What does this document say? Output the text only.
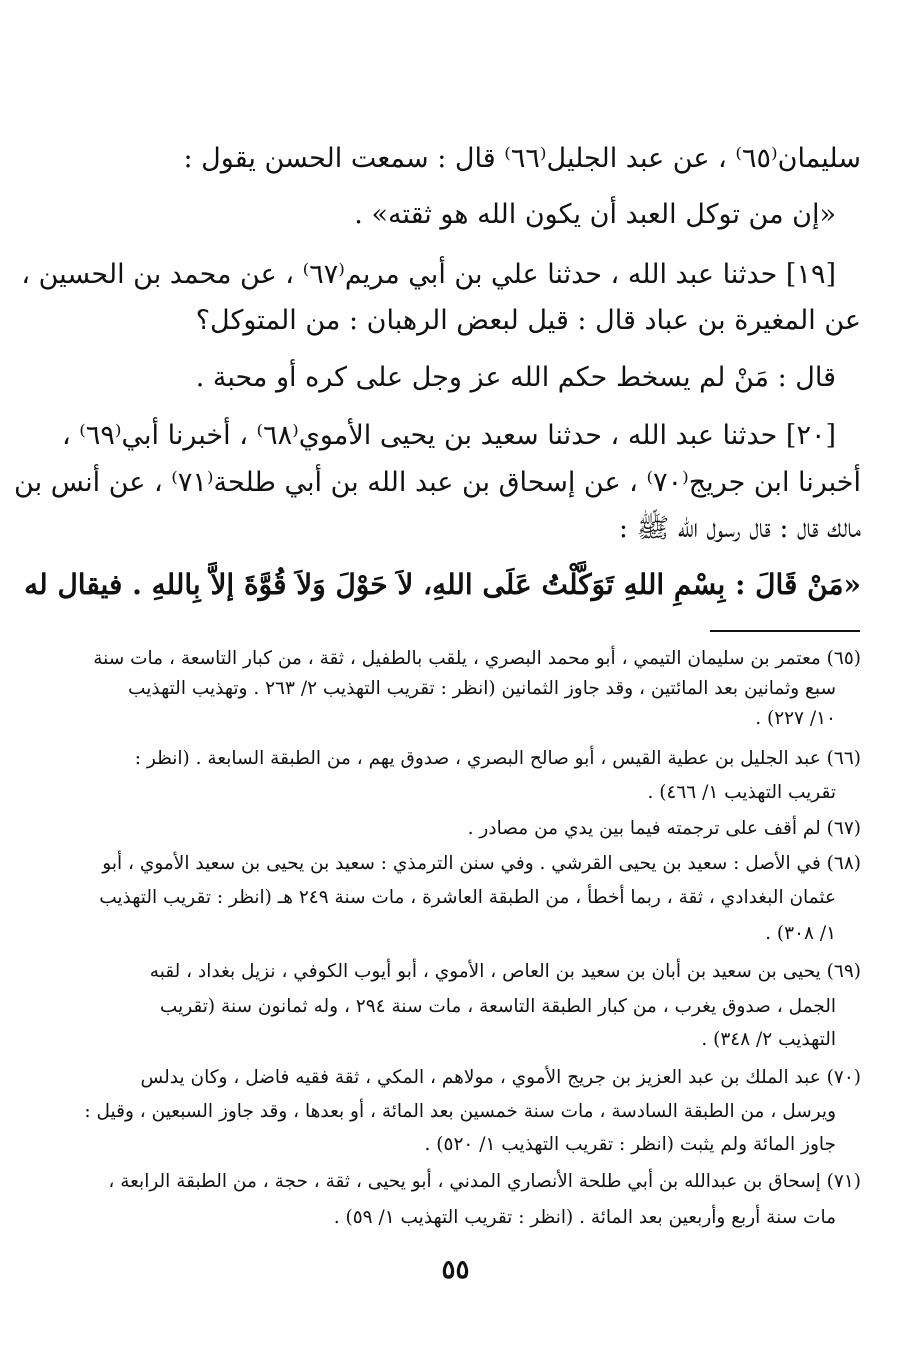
سليمان⁽٦٥⁾ ، عن عبد الجليل⁽٦٦⁾ قال : سمعت الحسن يقول :
«إن من توكل العبد أن يكون الله هو ثقته» .
[١٩] حدثنا عبد الله ، حدثنا علي بن أبي مريم⁽٦٧⁾ ، عن محمد بن الحسين ،
عن المغيرة بن عباد قال : قيل لبعض الرهبان : من المتوكل؟
قال : مَنْ لم يسخط حكم الله عز وجل على كره أو محبة .
[٢٠] حدثنا عبد الله ، حدثنا سعيد بن يحيى الأموي⁽٦٨⁾ ، أخبرنا أبي⁽٦٩⁾ ،
أخبرنا ابن جريج⁽٧٠⁾ ، عن إسحاق بن عبد الله بن أبي طلحة⁽٧١⁾ ، عن أنس بن
مالك قال : قال رسول الله ﷺ :
«مَنْ قَالَ : بِسْمِ اللهِ تَوَكَّلْتُ عَلَى اللهِ، لاَ حَوْلَ وَلاَ قُوَّةَ إلاَّ بِاللهِ . فيقال له
(٦٥) معتمر بن سليمان التيمي ، أبو محمد البصري ، يلقب بالطفيل ، ثقة ، من كبار التاسعة ، مات سنة
سبع وثمانين بعد المائتين ، وقد جاوز الثمانين (انظر : تقريب التهذيب ٢/ ٢٦٣ . وتهذيب التهذيب
١٠/ ٢٢٧) .
(٦٦) عبد الجليل بن عطية القيس ، أبو صالح البصري ، صدوق يهم ، من الطبقة السابعة . (انظر :
تقريب التهذيب ١/ ٤٦٦) .
(٦٧) لم أقف على ترجمته فيما بين يدي من مصادر .
(٦٨) في الأصل : سعيد بن يحيى القرشي . وفي سنن الترمذي : سعيد بن يحيى بن سعيد الأموي ، أبو
عثمان البغدادي ، ثقة ، ربما أخطأ ، من الطبقة العاشرة ، مات سنة ٢٤٩ هـ (انظر : تقريب التهذيب
١/ ٣٠٨) .
(٦٩) يحيى بن سعيد بن أبان بن سعيد بن العاص ، الأموي ، أبو أيوب الكوفي ، نزيل بغداد ، لقبه
الجمل ، صدوق يغرب ، من كبار الطبقة التاسعة ، مات سنة ٢٩٤ ، وله ثمانون سنة (تقريب
التهذيب ٢/ ٣٤٨) .
(٧٠) عبد الملك بن عبد العزيز بن جريج الأموي ، مولاهم ، المكي ، ثقة فقيه فاضل ، وكان يدلس
ويرسل ، من الطبقة السادسة ، مات سنة خمسين بعد المائة ، أو بعدها ، وقد جاوز السبعين ، وقيل :
جاوز المائة ولم يثبت (انظر : تقريب التهذيب ١/ ٥٢٠) .
(٧١) إسحاق بن عبدالله بن أبي طلحة الأنصاري المدني ، أبو يحيى ، ثقة ، حجة ، من الطبقة الرابعة ،
مات سنة أربع وأربعين بعد المائة . (انظر : تقريب التهذيب ١/ ٥٩) .
٥٥
